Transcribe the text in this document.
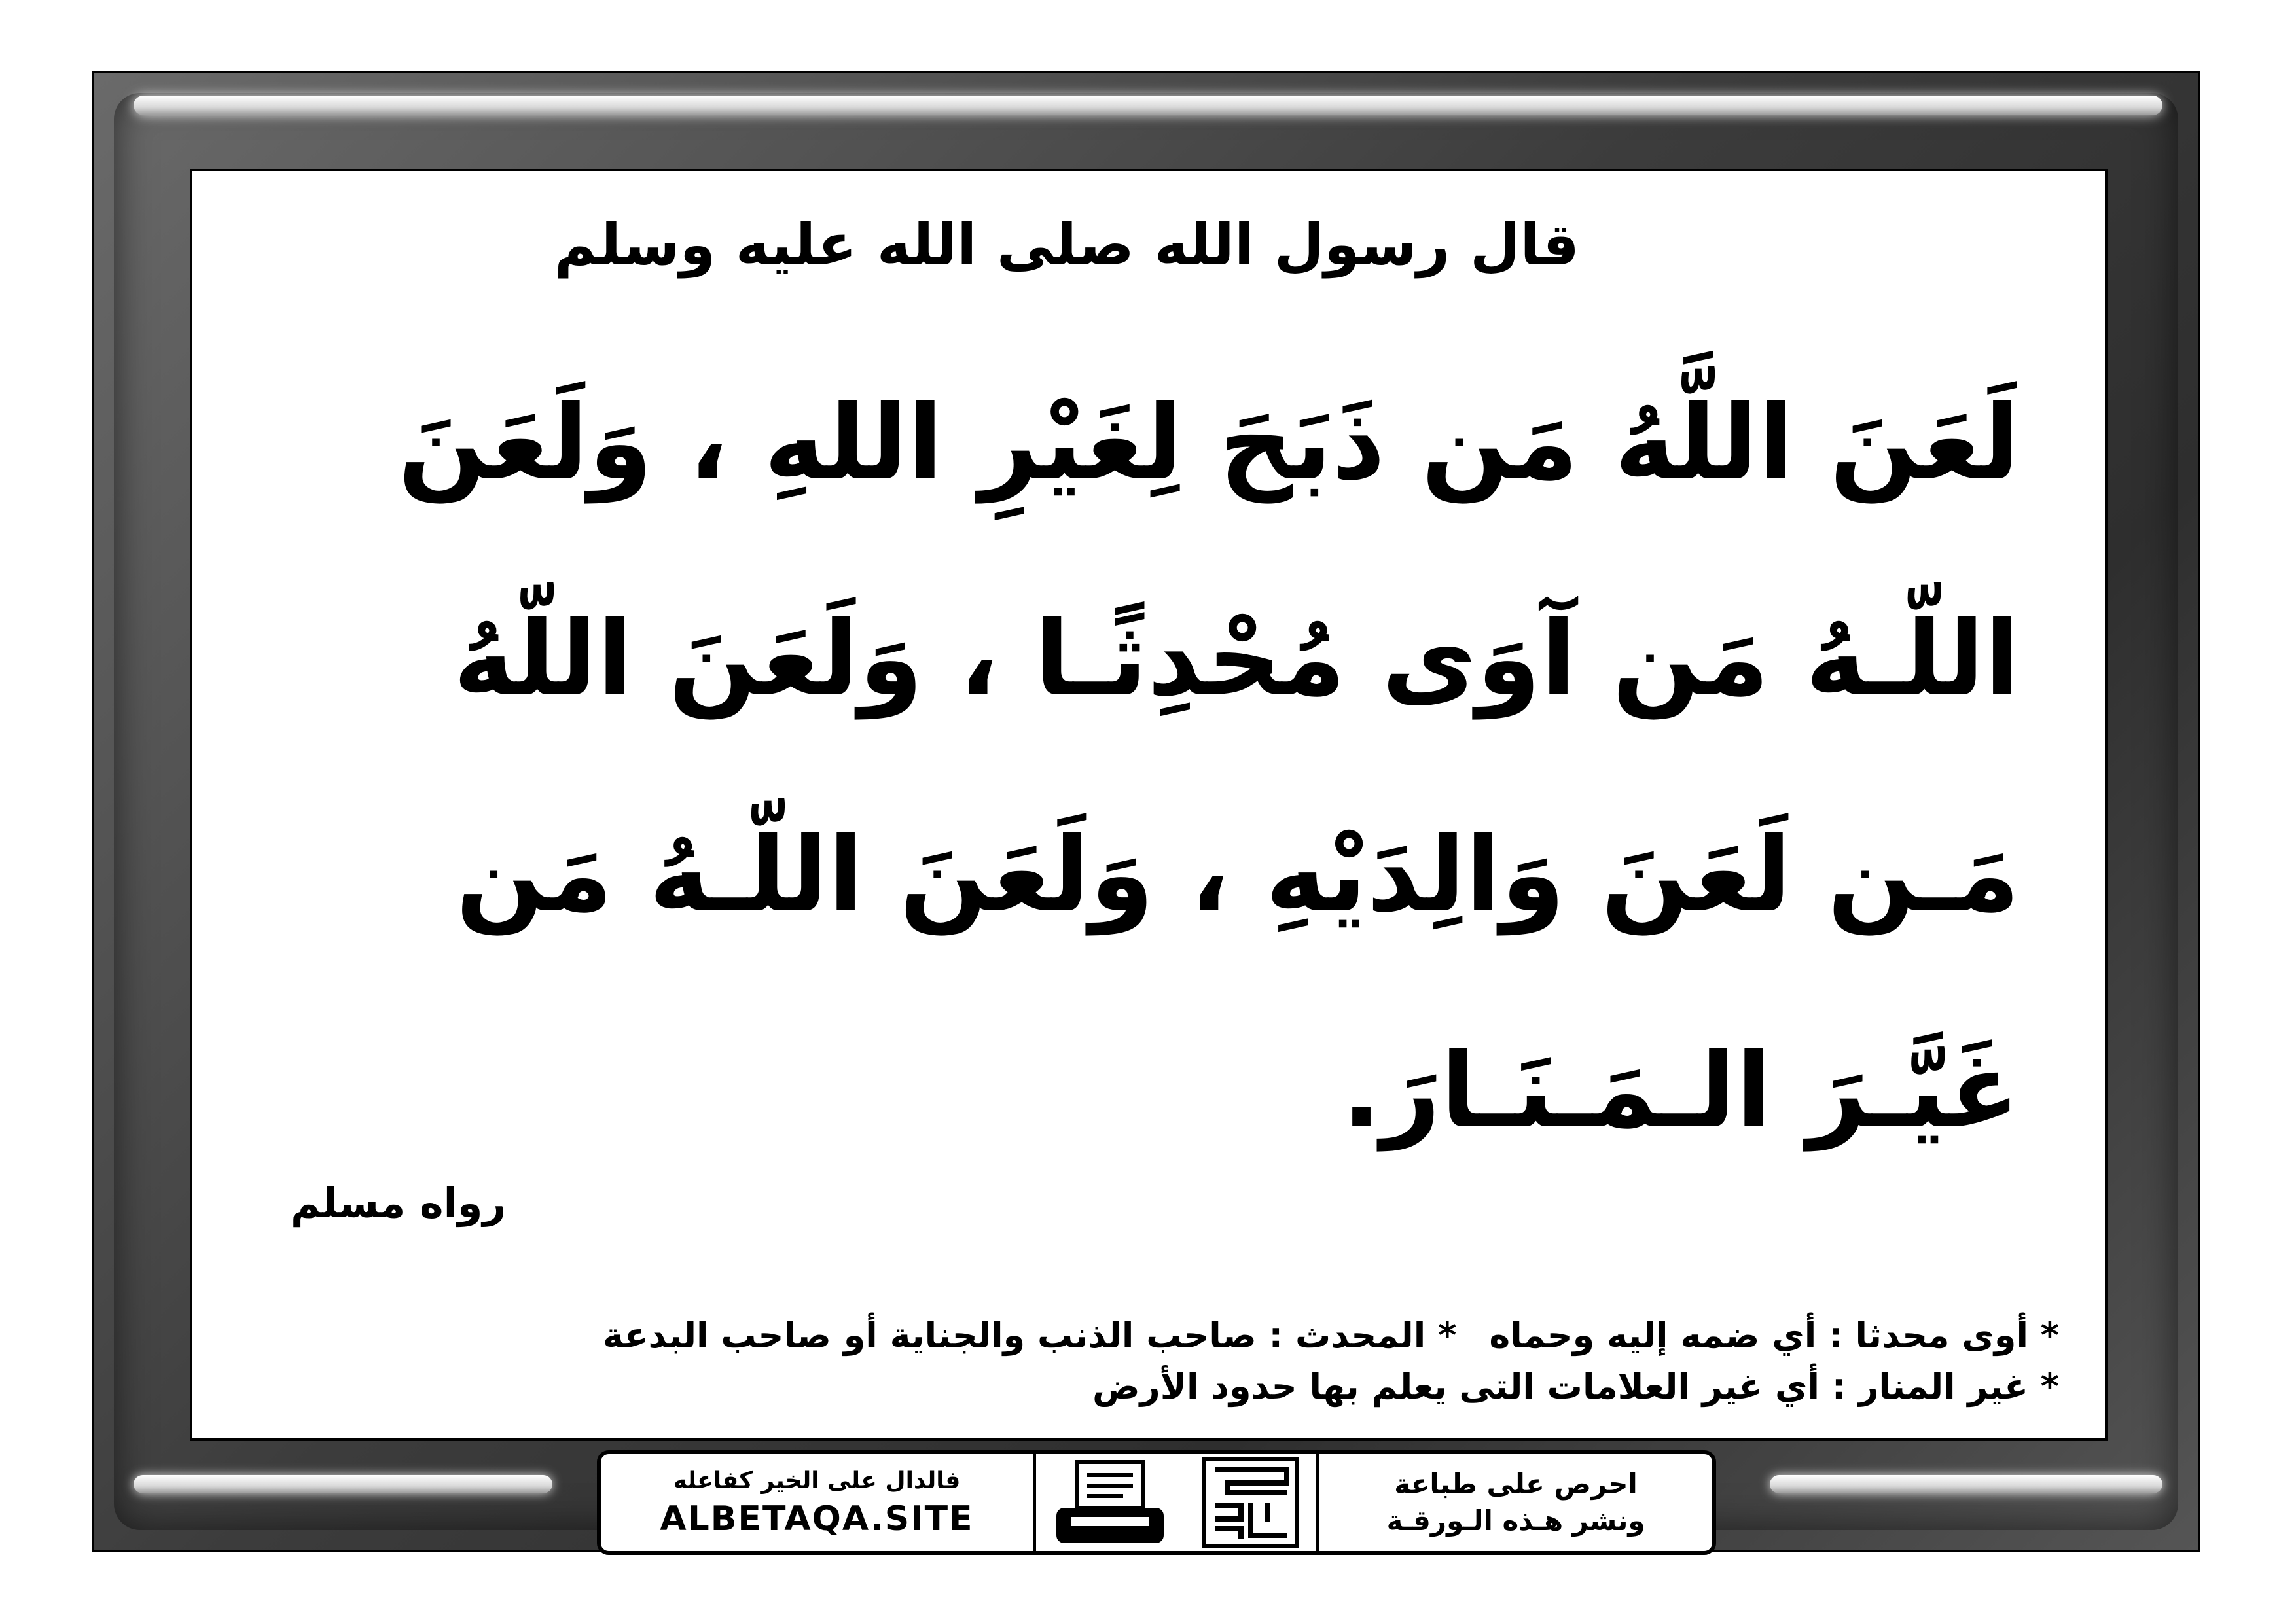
قال رسول الله صلى الله عليه وسلم
لَعَنَ اللَّهُ مَن ذَبَحَ لِغَيْرِ اللهِ ، وَلَعَنَ
اللّـهُ مَن آوَى مُحْدِثًـا ، وَلَعَنَ اللّهُ
مَـن لَعَنَ وَالِدَيْهِ ، وَلَعَنَ اللّـهُ مَن
غَيَّـرَ الـمَـنَـارَ.
رواه مسلم
* أوى محدثا : أي ضمه إليه وحماه* المحدث : صاحب الذنب والجناية أو صاحب البدعة
* غير المنار : أي غير العلامات التى يعلم بها حدود الأرض
احرص على طباعة
ونشر هـذه الـورقـة
فالدال على الخير كفاعله
ALBETAQA.SITE
